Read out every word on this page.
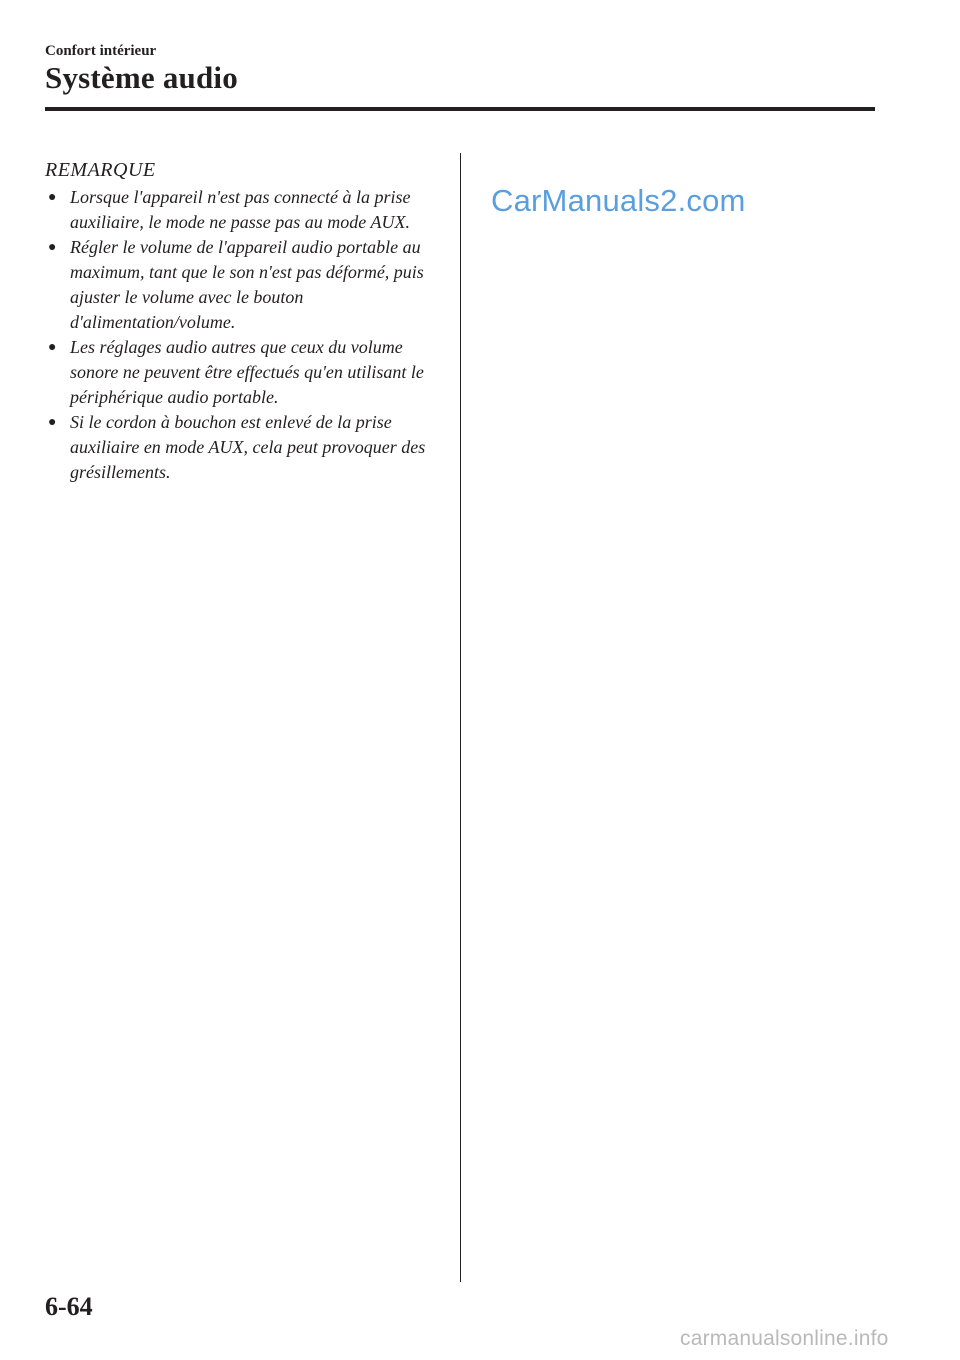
Confort intérieur
Système audio
REMARQUE
● Lorsque l'appareil n'est pas connecté à la prise auxiliaire, le mode ne passe pas au mode AUX.
● Régler le volume de l'appareil audio portable au maximum, tant que le son n'est pas déformé, puis ajuster le volume avec le bouton d'alimentation/volume.
● Les réglages audio autres que ceux du volume sonore ne peuvent être effectués qu'en utilisant le périphérique audio portable.
● Si le cordon à bouchon est enlevé de la prise auxiliaire en mode AUX, cela peut provoquer des grésillements.
CarManuals2.com
6-64
carmanualsonline.info
